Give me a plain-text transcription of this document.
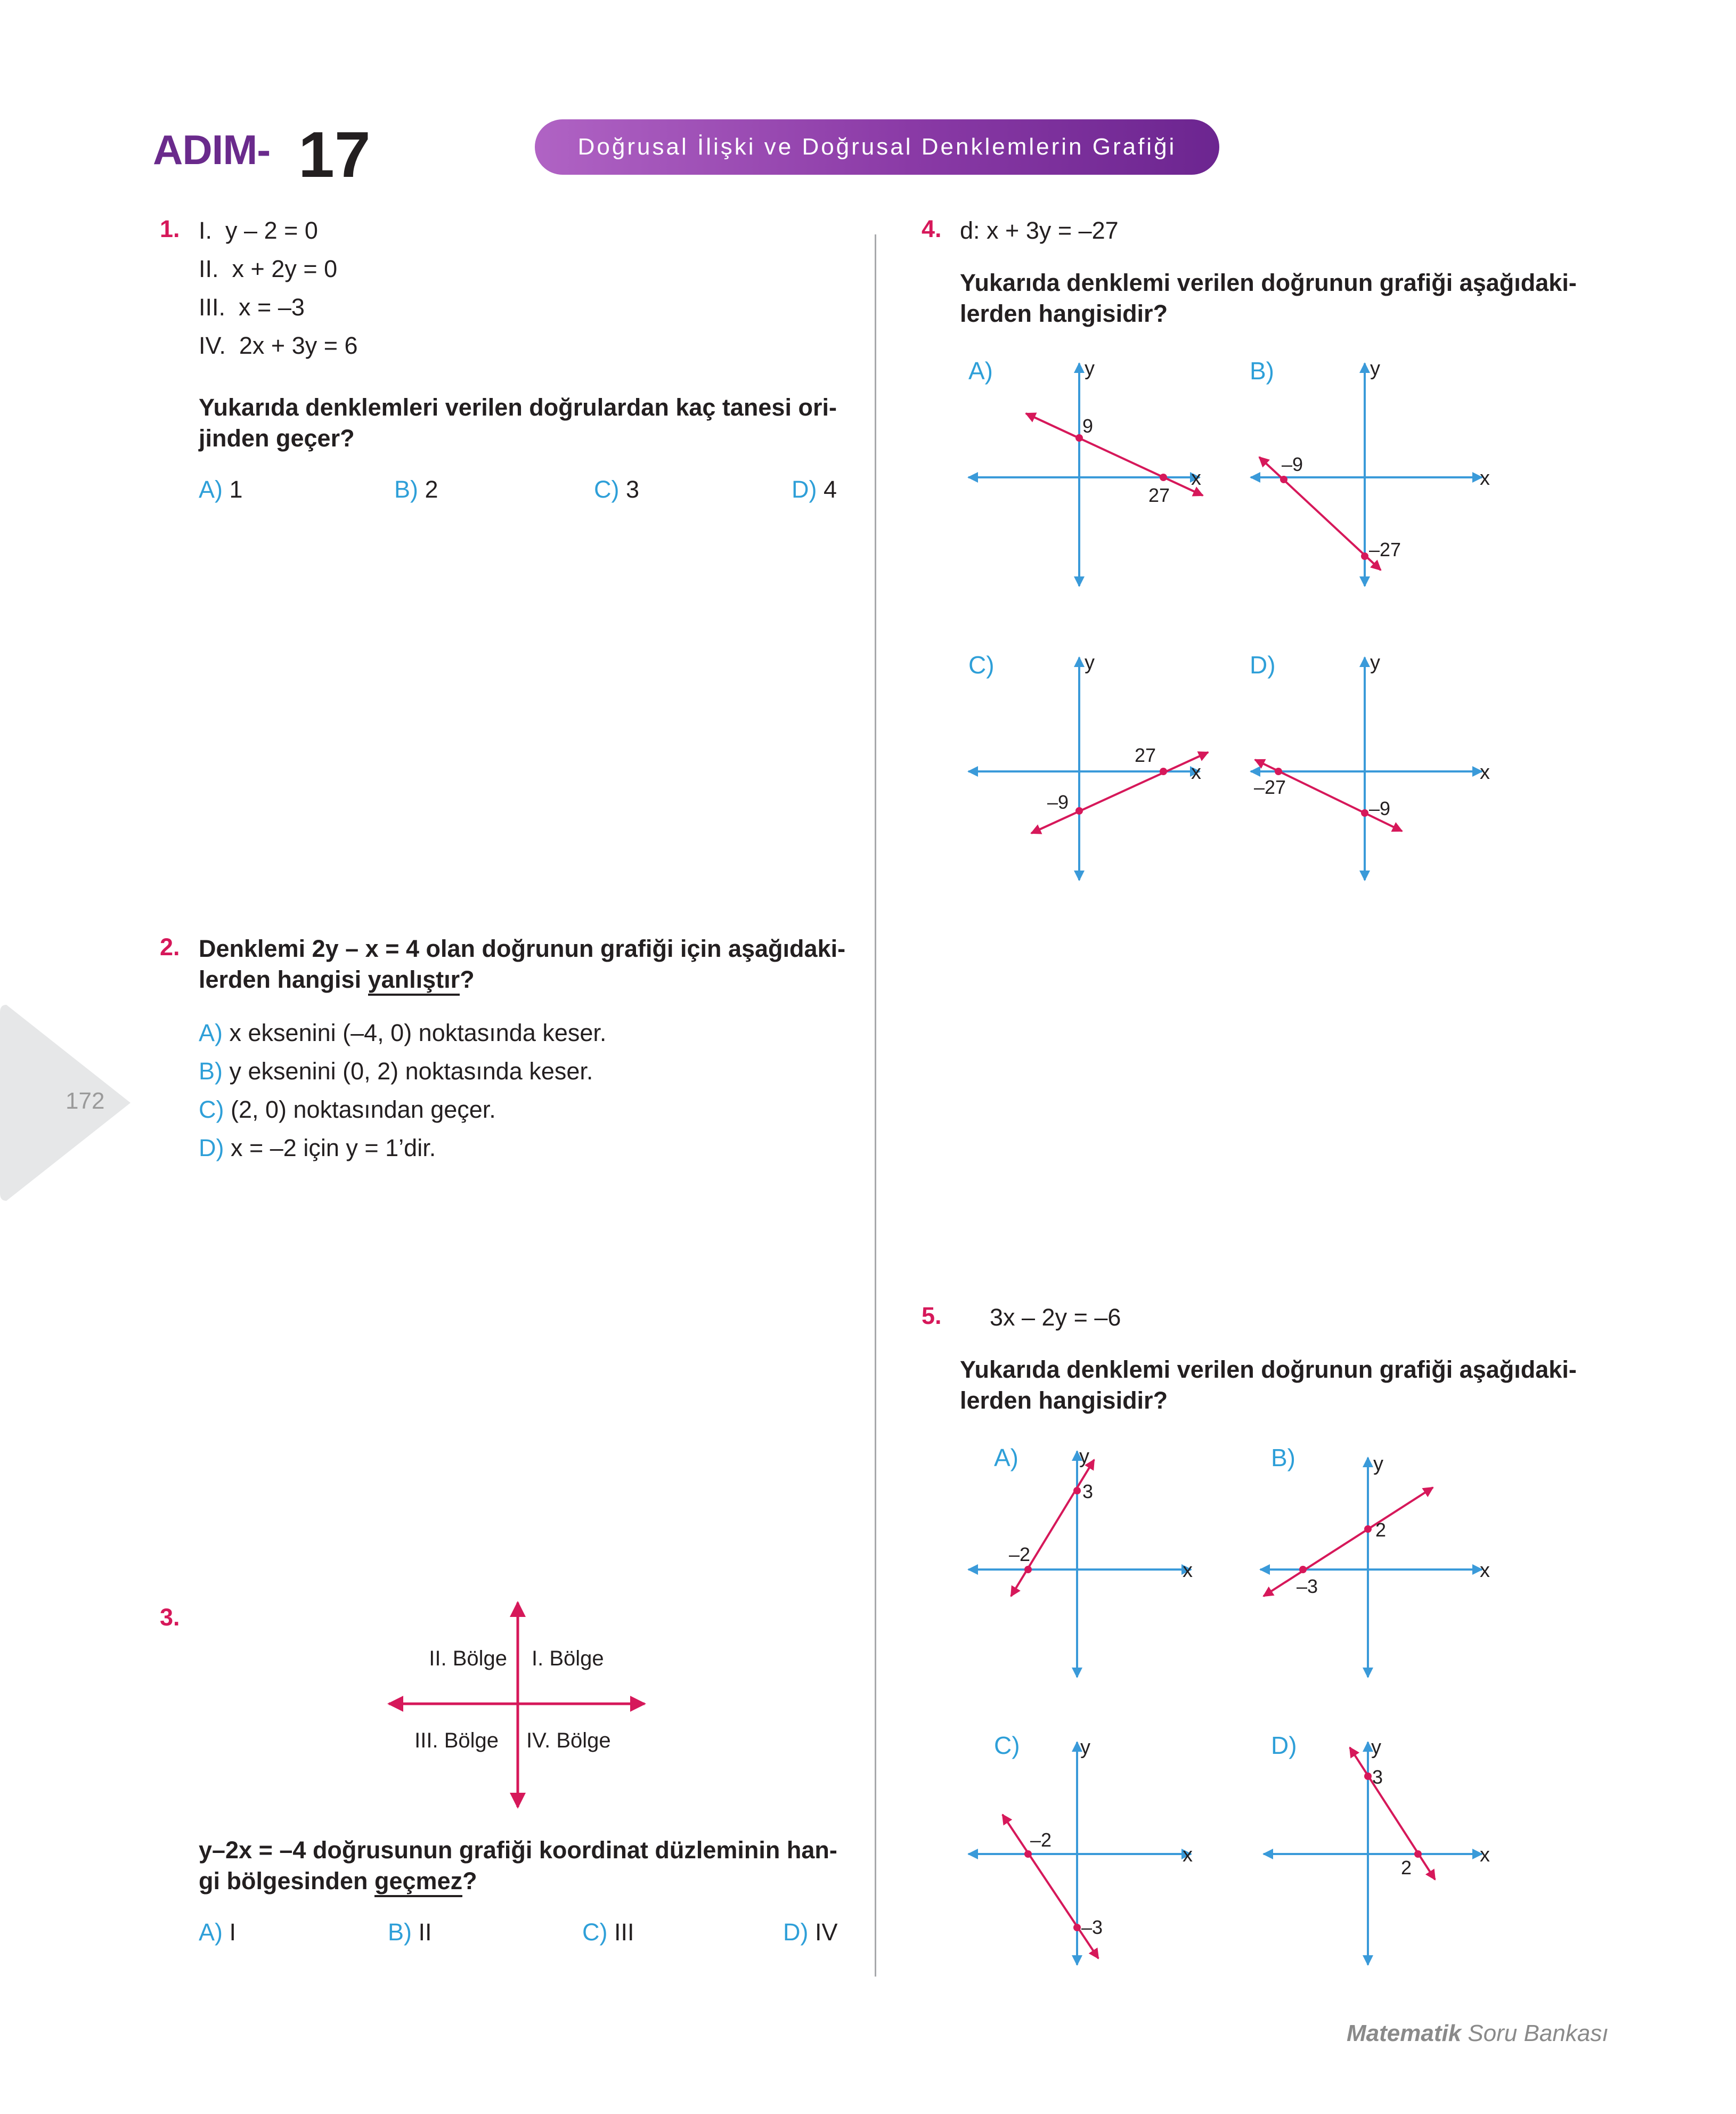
ADIM- 17	Doğrusal İlişki ve Doğrusal Denklemlerin Grafiği
172
1. I. y – 2 = 0
II. x + 2y = 0
III. x = –3
IV. 2x + 3y = 6
Yukarıda denklemleri verilen doğrulardan kaç tanesi ori-
jinden geçer?
A) 1	B) 2	C) 3	D) 4
2. Denklemi 2y – x = 4 olan doğrunun grafiği için aşağıdaki-
lerden hangisi yanlıştır?
A) x eksenini (–4, 0) noktasında keser.
B) y eksenini (0, 2) noktasında keser.
C) (2, 0) noktasından geçer.
D) x = –2 için y = 1’dir.
3.
II. Bölge I. Bölge
III. Bölge IV. Bölge
y–2x = –4 doğrusunun grafiği koordinat düzleminin han-
gi bölgesinden geçmez?
A) I	B) II	C) III	D) IV
4. d: x + 3y = –27
Yukarıda denklemi verilen doğrunun grafiği aşağıdaki-
lerden hangisidir?
A)	y
x
9
27
B)	y
x
–9
–27
C)	y
x
–9
27
D)	y
x
–27
–9
5. 3x – 2y = –6
Yukarıda denklemi verilen doğrunun grafiği aşağıdaki-
lerden hangisidir?
A)	y
x
3
–2
B)	y
x
2
–3
C)	y
x
–2
–3
D)	y
x
3
2
Matematik Soru Bankası
